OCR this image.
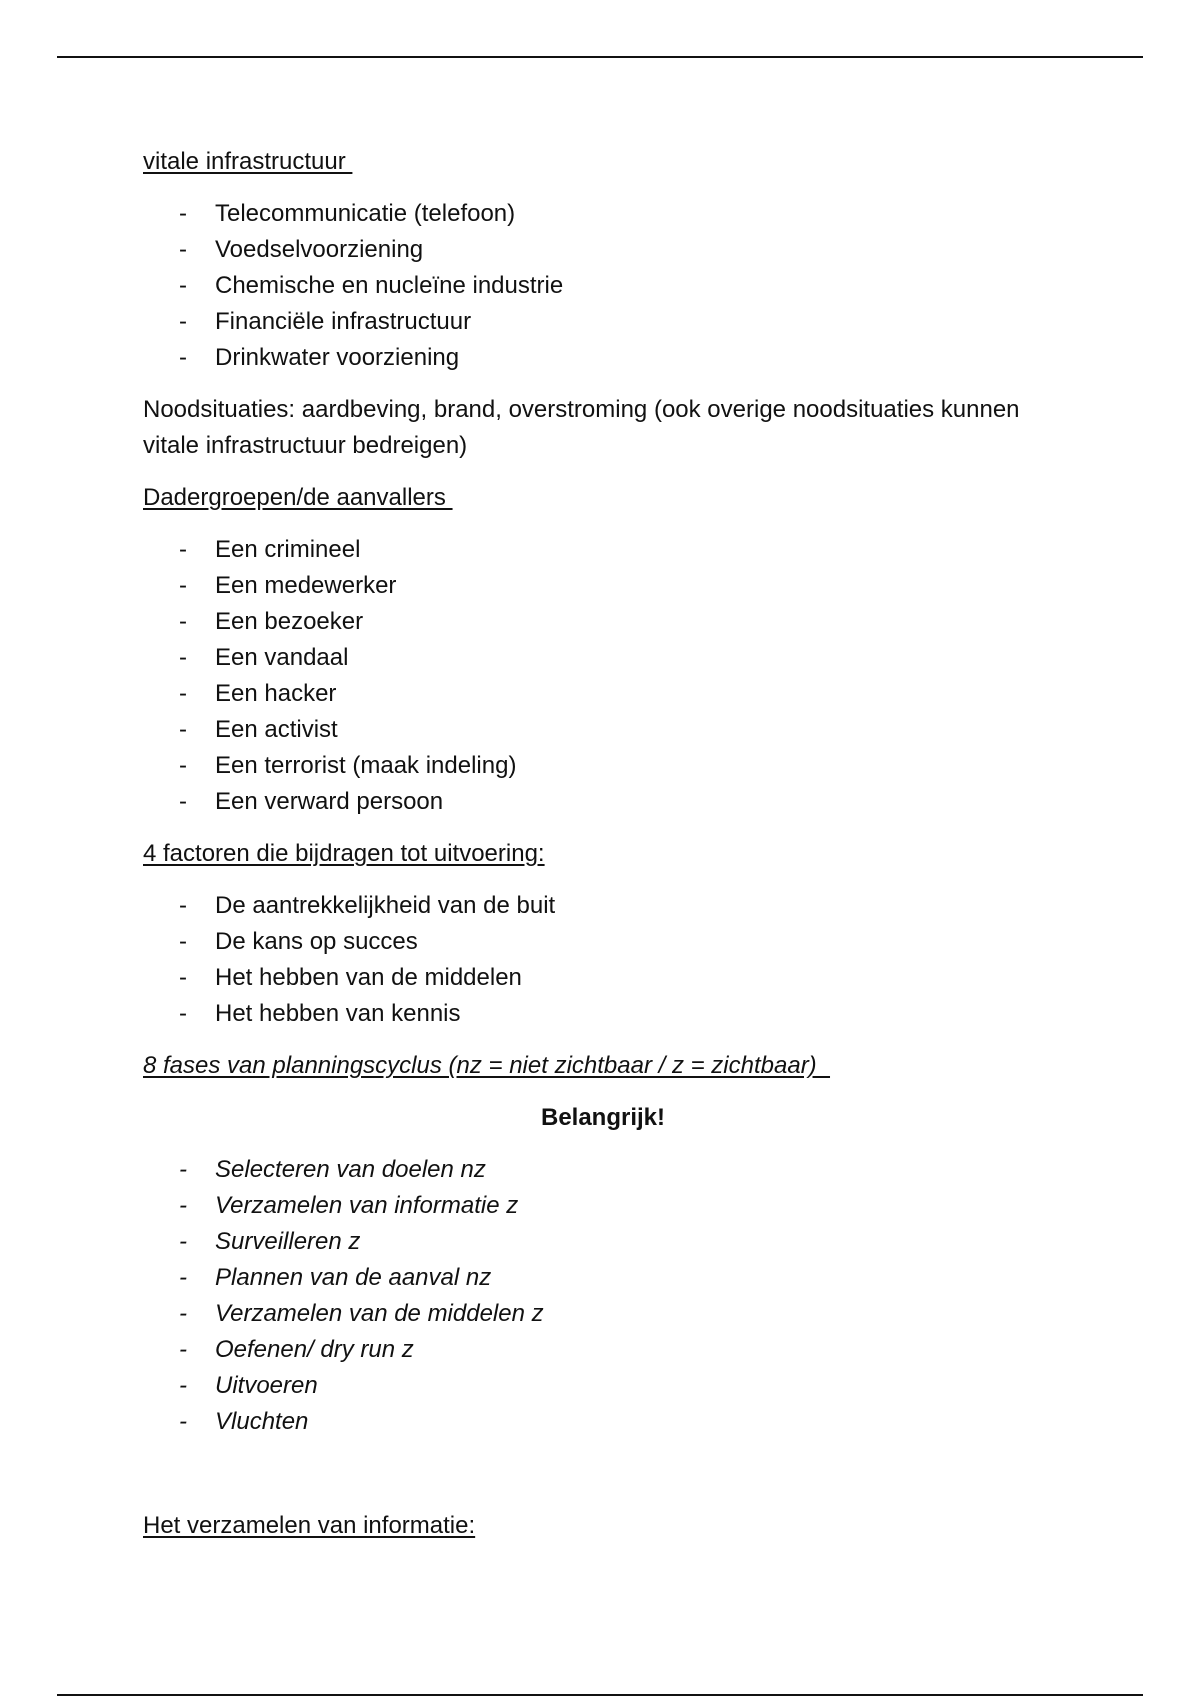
vitale infrastructuur
- Telecommunicatie (telefoon)
- Voedselvoorziening
- Chemische en nucleïne industrie
- Financiële infrastructuur
- Drinkwater voorziening
Noodsituaties: aardbeving, brand, overstroming (ook overige noodsituaties kunnen vitale infrastructuur bedreigen)
Dadergroepen/de aanvallers
- Een crimineel
- Een medewerker
- Een bezoeker
- Een vandaal
- Een hacker
- Een activist
- Een terrorist (maak indeling)
- Een verward persoon
4 factoren die bijdragen tot uitvoering:
- De aantrekkelijkheid van de buit
- De kans op succes
- Het hebben van de middelen
- Het hebben van kennis
8 fases van planningscyclus (nz = niet zichtbaar / z = zichtbaar)
Belangrijk!
- Selecteren van doelen nz
- Verzamelen van informatie z
- Surveilleren z
- Plannen van de aanval nz
- Verzamelen van de middelen z
- Oefenen/ dry run z
- Uitvoeren
- Vluchten
Het verzamelen van informatie:
